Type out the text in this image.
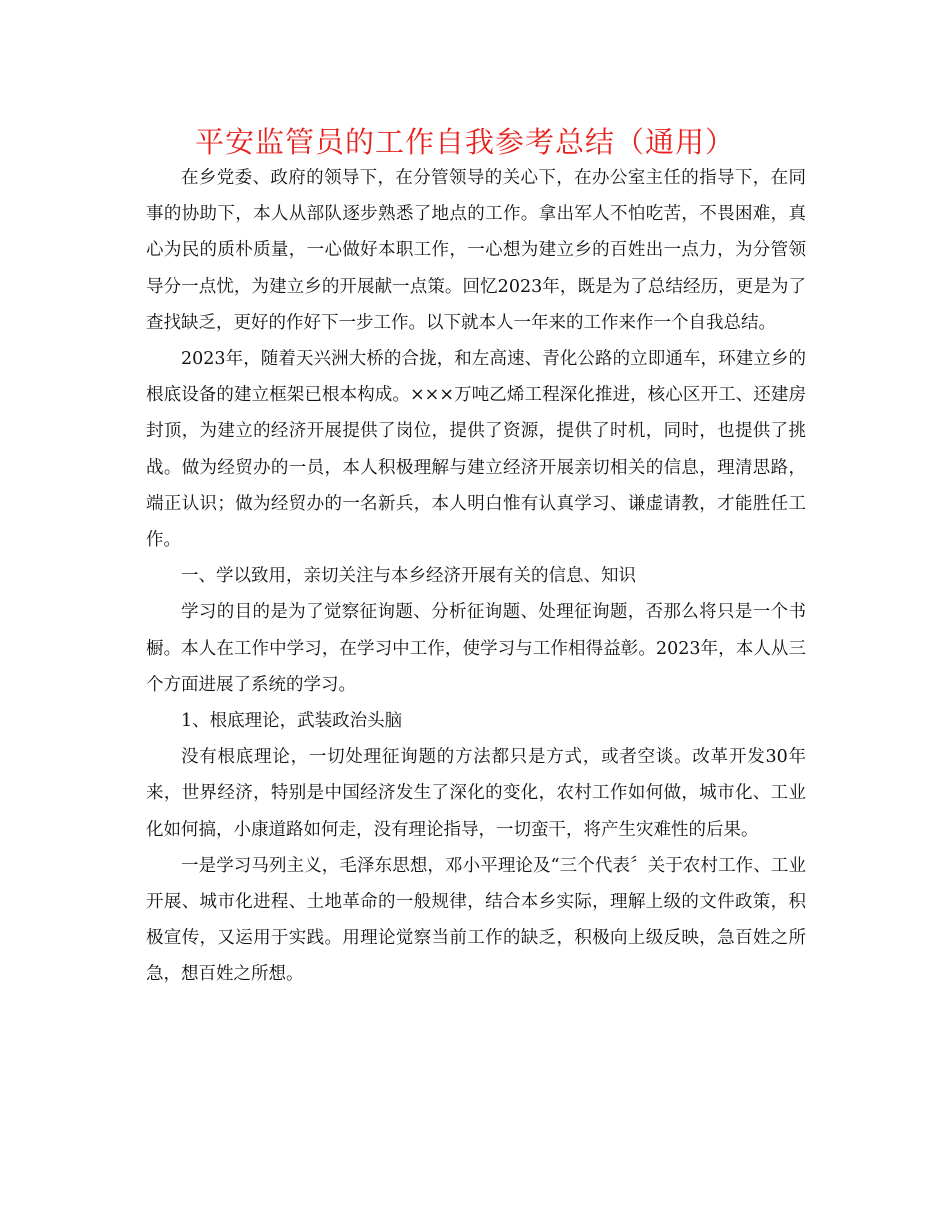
平安监管员的工作自我参考总结（通用）

在乡党委、政府的领导下，在分管领导的关心下，在办公室主任的指导下，在同事的协助下，本人从部队逐步熟悉了地点的工作。拿出军人不怕吃苦，不畏困难，真心为民的质朴质量，一心做好本职工作，一心想为建立乡的百姓出一点力，为分管领导分一点忧，为建立乡的开展献一点策。回忆2023年，既是为了总结经历，更是为了查找缺乏，更好的作好下一步工作。以下就本人一年来的工作来作一个自我总结。

2023年，随着天兴洲大桥的合拢，和左高速、青化公路的立即通车，环建立乡的根底设备的建立框架已根本构成。×××万吨乙烯工程深化推进，核心区开工、还建房封顶，为建立的经济开展提供了岗位，提供了资源，提供了时机，同时，也提供了挑战。做为经贸办的一员，本人积极理解与建立经济开展亲切相关的信息，理清思路，端正认识；做为经贸办的一名新兵，本人明白惟有认真学习、谦虚请教，才能胜任工作。

一、学以致用，亲切关注与本乡经济开展有关的信息、知识

学习的目的是为了觉察征询题、分析征询题、处理征询题，否那么将只是一个书橱。本人在工作中学习，在学习中工作，使学习与工作相得益彰。2023年，本人从三个方面进展了系统的学习。

1、根底理论，武装政治头脑

没有根底理论，一切处理征询题的方法都只是方式，或者空谈。改革开发30年来，世界经济，特别是中国经济发生了深化的变化，农村工作如何做，城市化、工业化如何搞，小康道路如何走，没有理论指导，一切蛮干，将产生灾难性的后果。

一是学习马列主义，毛泽东思想，邓小平理论及“三个代表〞关于农村工作、工业开展、城市化进程、土地革命的一般规律，结合本乡实际，理解上级的文件政策，积极宣传，又运用于实践。用理论觉察当前工作的缺乏，积极向上级反映，急百姓之所急，想百姓之所想。
